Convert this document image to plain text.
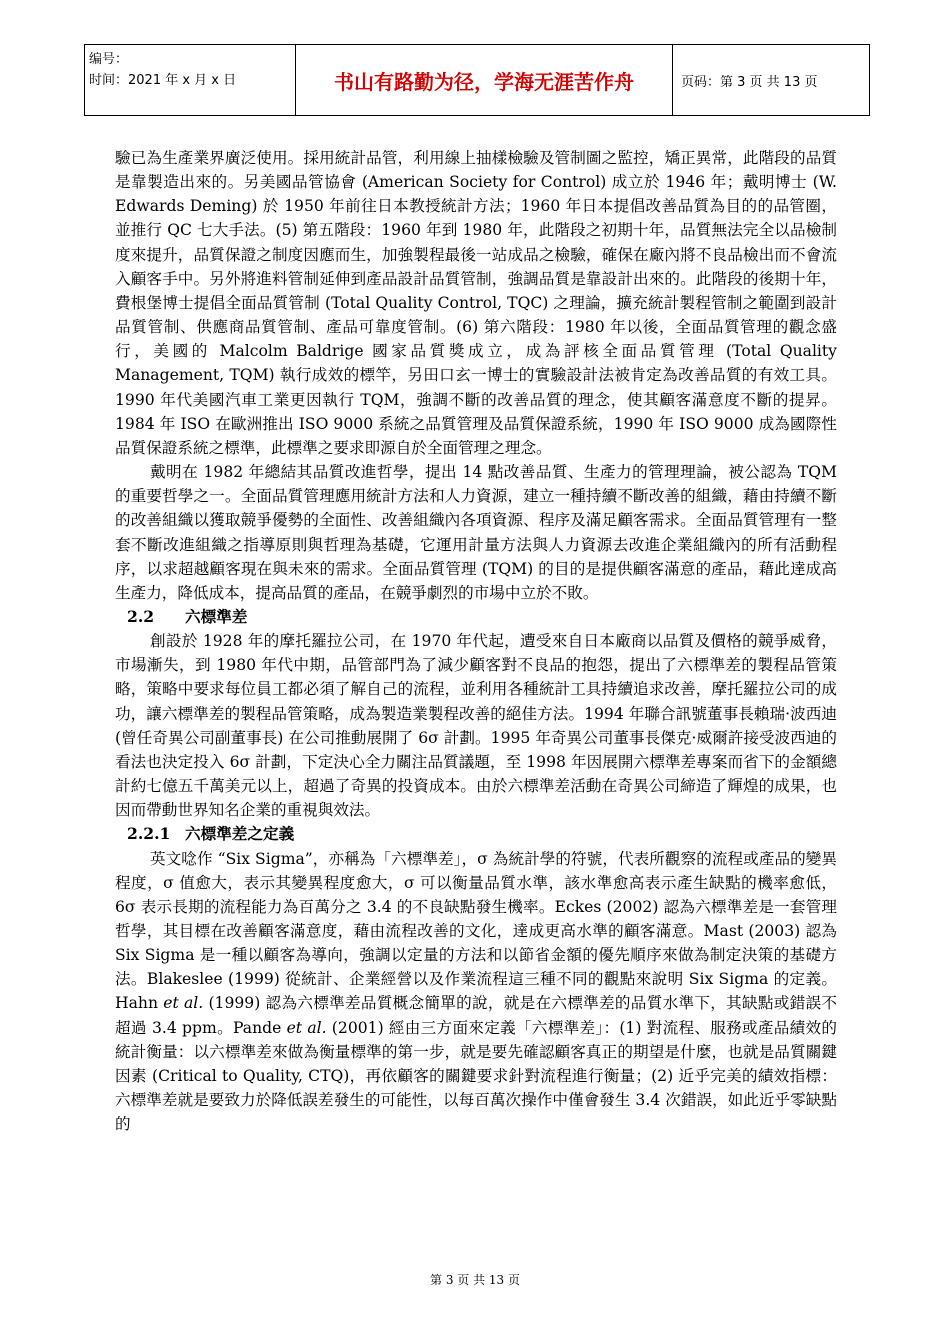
编号：
时间：2021 年 x 月 x 日	书山有路勤为径，学海无涯苦作舟	页码：第 3 页 共 13 页

驗已為生產業界廣泛使用。採用統計品管，利用線上抽樣檢驗及管制圖之監控，矯正異常，此階段的品質是靠製造出來的。另美國品管協會 (American Society for Control) 成立於 1946 年；戴明博士 (W. Edwards Deming) 於 1950 年前往日本教授統計方法；1960 年日本提倡改善品質為目的的品管圈，並推行 QC 七大手法。(5) 第五階段：1960 年到 1980 年，此階段之初期十年，品質無法完全以品檢制度來提升，品質保證之制度因應而生，加強製程最後一站成品之檢驗，確保在廠內將不良品檢出而不會流入顧客手中。另外將進料管制延伸到產品設計品質管制，強調品質是靠設計出來的。此階段的後期十年，費根堡博士提倡全面品質管制 (Total Quality Control, TQC) 之理論，擴充統計製程管制之範圍到設計品質管制、供應商品質管制、產品可靠度管制。(6) 第六階段：1980 年以後，全面品質管理的觀念盛行，美國的 Malcolm Baldrige 國家品質獎成立，成為評核全面品質管理 (Total Quality Management, TQM) 執行成效的標竿，另田口玄一博士的實驗設計法被肯定為改善品質的有效工具。1990 年代美國汽車工業更因執行 TQM，強調不斷的改善品質的理念，使其顧客滿意度不斷的提昇。1984 年 ISO 在歐洲推出 ISO 9000 系統之品質管理及品質保證系統，1990 年 ISO 9000 成為國際性品質保證系統之標準，此標準之要求即源自於全面管理之理念。

戴明在 1982 年總結其品質改進哲學，提出 14 點改善品質、生產力的管理理論，被公認為 TQM 的重要哲學之一。全面品質管理應用統計方法和人力資源，建立一種持續不斷改善的組織，藉由持續不斷的改善組織以獲取競爭優勢的全面性、改善組織內各項資源、程序及滿足顧客需求。全面品質管理有一整套不斷改進組織之指導原則與哲理為基礎，它運用計量方法與人力資源去改進企業組織內的所有活動程序，以求超越顧客現在與未來的需求。全面品質管理 (TQM) 的目的是提供顧客滿意的產品，藉此達成高生產力，降低成本，提高品質的產品，在競爭劇烈的市場中立於不敗。

2.2 六標準差

創設於 1928 年的摩托羅拉公司，在 1970 年代起，遭受來自日本廠商以品質及價格的競爭威脅，市場漸失，到 1980 年代中期，品管部門為了減少顧客對不良品的抱怨，提出了六標準差的製程品管策略，策略中要求每位員工都必須了解自己的流程，並利用各種統計工具持續追求改善，摩托羅拉公司的成功，讓六標準差的製程品管策略，成為製造業製程改善的絕佳方法。1994 年聯合訊號董事長賴瑞·波西迪 (曾任奇異公司副董事長) 在公司推動展開了 6σ 計劃。1995 年奇異公司董事長傑克·威爾許接受波西迪的看法也決定投入 6σ 計劃，下定決心全力關注品質議題，至 1998 年因展開六標準差專案而省下的金額總計約七億五千萬美元以上，超過了奇異的投資成本。由於六標準差活動在奇異公司締造了輝煌的成果，也因而帶動世界知名企業的重視與效法。

2.2.1 六標準差之定義

英文唸作 “Six Sigma”，亦稱為「六標準差」，σ 為統計學的符號，代表所觀察的流程或產品的變異程度，σ 值愈大，表示其變異程度愈大，σ 可以衡量品質水準，該水準愈高表示產生缺點的機率愈低，6σ 表示長期的流程能力為百萬分之 3.4 的不良缺點發生機率。Eckes (2002) 認為六標準差是一套管理哲學，其目標在改善顧客滿意度，藉由流程改善的文化，達成更高水準的顧客滿意。Mast (2003) 認為 Six Sigma 是一種以顧客為導向，強調以定量的方法和以節省金額的優先順序來做為制定決策的基礎方法。Blakeslee (1999) 從統計、企業經營以及作業流程這三種不同的觀點來說明 Six Sigma 的定義。Hahn et al. (1999) 認為六標準差品質概念簡單的說，就是在六標準差的品質水準下，其缺點或錯誤不超過 3.4 ppm。Pande et al. (2001) 經由三方面來定義「六標準差」：(1) 對流程、服務或產品績效的統計衡量：以六標準差來做為衡量標準的第一步，就是要先確認顧客真正的期望是什麼，也就是品質關鍵因素 (Critical to Quality, CTQ)，再依顧客的關鍵要求針對流程進行衡量；(2) 近乎完美的績效指標：六標準差就是要致力於降低誤差發生的可能性，以每百萬次操作中僅會發生 3.4 次錯誤，如此近乎零缺點的

第 3 页 共 13 页
